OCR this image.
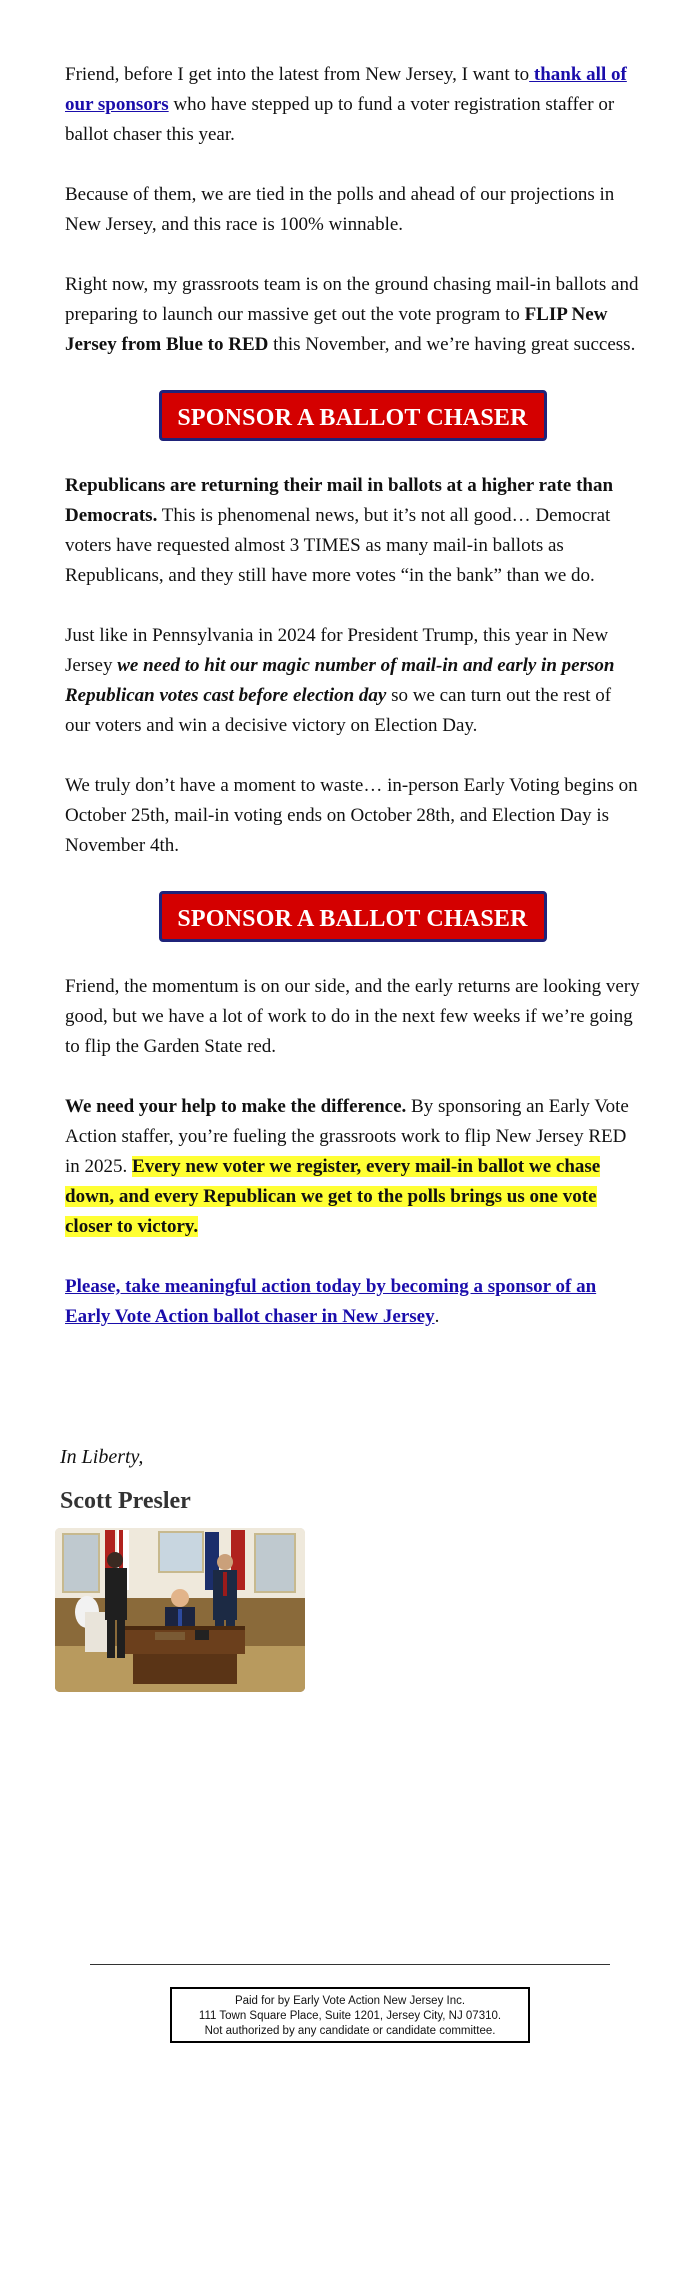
Friend, before I get into the latest from New Jersey, I want to thank all of our sponsors who have stepped up to fund a voter registration staffer or ballot chaser this year.

Because of them, we are tied in the polls and ahead of our projections in New Jersey, and this race is 100% winnable.

Right now, my grassroots team is on the ground chasing mail-in ballots and preparing to launch our massive get out the vote program to FLIP New Jersey from Blue to RED this November, and we’re having great success.

SPONSOR A BALLOT CHASER

Republicans are returning their mail in ballots at a higher rate than Democrats. This is phenomenal news, but it’s not all good… Democrat voters have requested almost 3 TIMES as many mail-in ballots as Republicans, and they still have more votes “in the bank” than we do.

Just like in Pennsylvania in 2024 for President Trump, this year in New Jersey we need to hit our magic number of mail-in and early in person Republican votes cast before election day so we can turn out the rest of our voters and win a decisive victory on Election Day.

We truly don’t have a moment to waste… in-person Early Voting begins on October 25th, mail-in voting ends on October 28th, and Election Day is November 4th.

SPONSOR A BALLOT CHASER

Friend, the momentum is on our side, and the early returns are looking very good, but we have a lot of work to do in the next few weeks if we’re going to flip the Garden State red.

We need your help to make the difference. By sponsoring an Early Vote Action staffer, you’re fueling the grassroots work to flip New Jersey RED in 2025. Every new voter we register, every mail-in ballot we chase down, and every Republican we get to the polls brings us one vote closer to victory.

Please, take meaningful action today by becoming a sponsor of an Early Vote Action ballot chaser in New Jersey.

In Liberty,
Scott Presler
Paid for by Early Vote Action New Jersey Inc.
111 Town Square Place, Suite 1201, Jersey City, NJ 07310.
Not authorized by any candidate or candidate committee.
